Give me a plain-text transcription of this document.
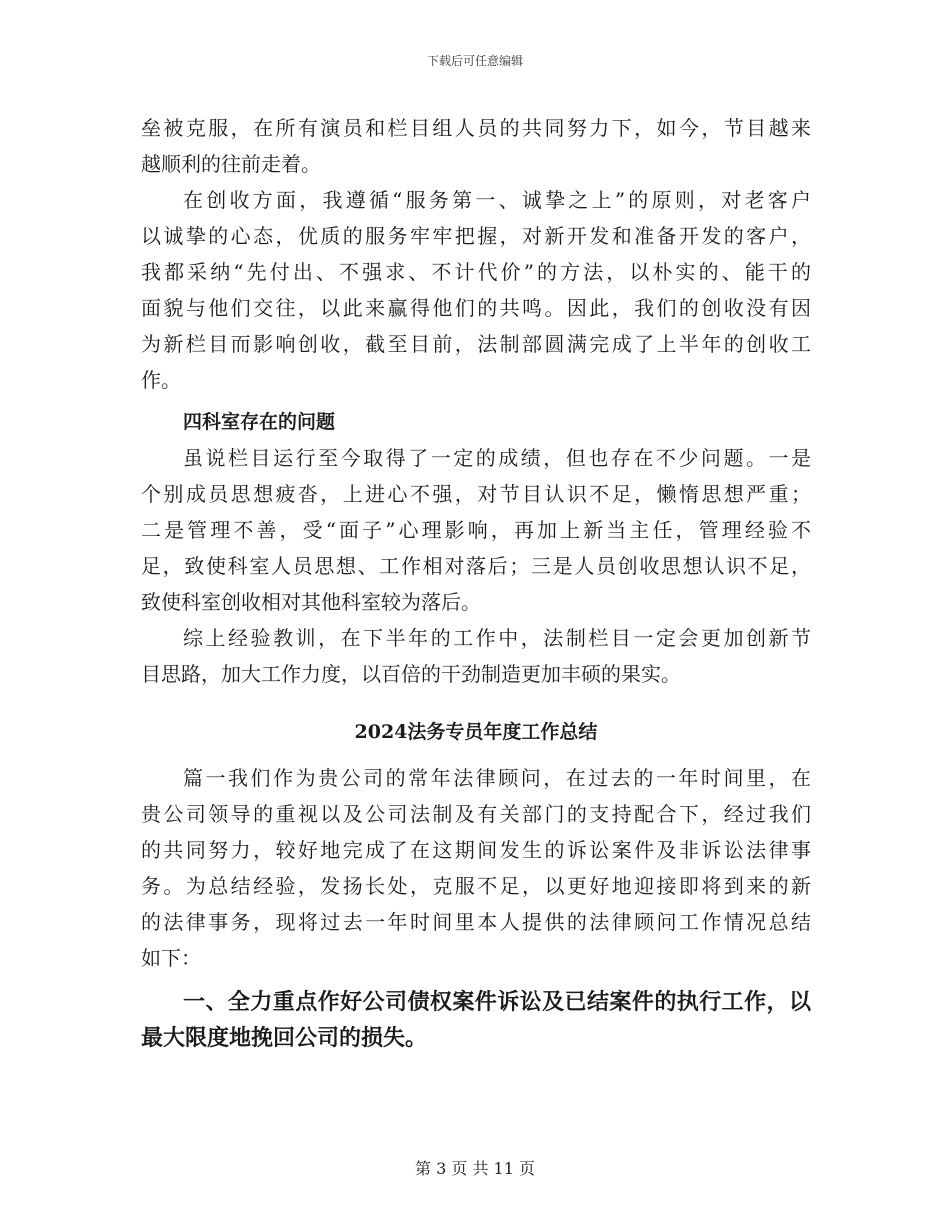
下载后可任意编辑
垒被克服，在所有演员和栏目组人员的共同努力下，如今，节目越来
越顺利的往前走着。
在创收方面，我遵循“服务第一、诚挚之上”的原则，对老客户
以诚挚的心态，优质的服务牢牢把握，对新开发和准备开发的客户，
我都采纳“先付出、不强求、不计代价”的方法，以朴实的、能干的
面貌与他们交往，以此来赢得他们的共鸣。因此，我们的创收没有因
为新栏目而影响创收，截至目前，法制部圆满完成了上半年的创收工
作。
四科室存在的问题
虽说栏目运行至今取得了一定的成绩，但也存在不少问题。一是
个别成员思想疲沓，上进心不强，对节目认识不足，懒惰思想严重；
二是管理不善，受“面子”心理影响，再加上新当主任，管理经验不
足，致使科室人员思想、工作相对落后；三是人员创收思想认识不足，
致使科室创收相对其他科室较为落后。
综上经验教训，在下半年的工作中，法制栏目一定会更加创新节
目思路，加大工作力度，以百倍的干劲制造更加丰硕的果实。
2024法务专员年度工作总结
篇一我们作为贵公司的常年法律顾问，在过去的一年时间里，在
贵公司领导的重视以及公司法制及有关部门的支持配合下，经过我们
的共同努力，较好地完成了在这期间发生的诉讼案件及非诉讼法律事
务。为总结经验，发扬长处，克服不足，以更好地迎接即将到来的新
的法律事务，现将过去一年时间里本人提供的法律顾问工作情况总结
如下：
一、全力重点作好公司债权案件诉讼及已结案件的执行工作，以
最大限度地挽回公司的损失。
第 3 页 共 11 页
